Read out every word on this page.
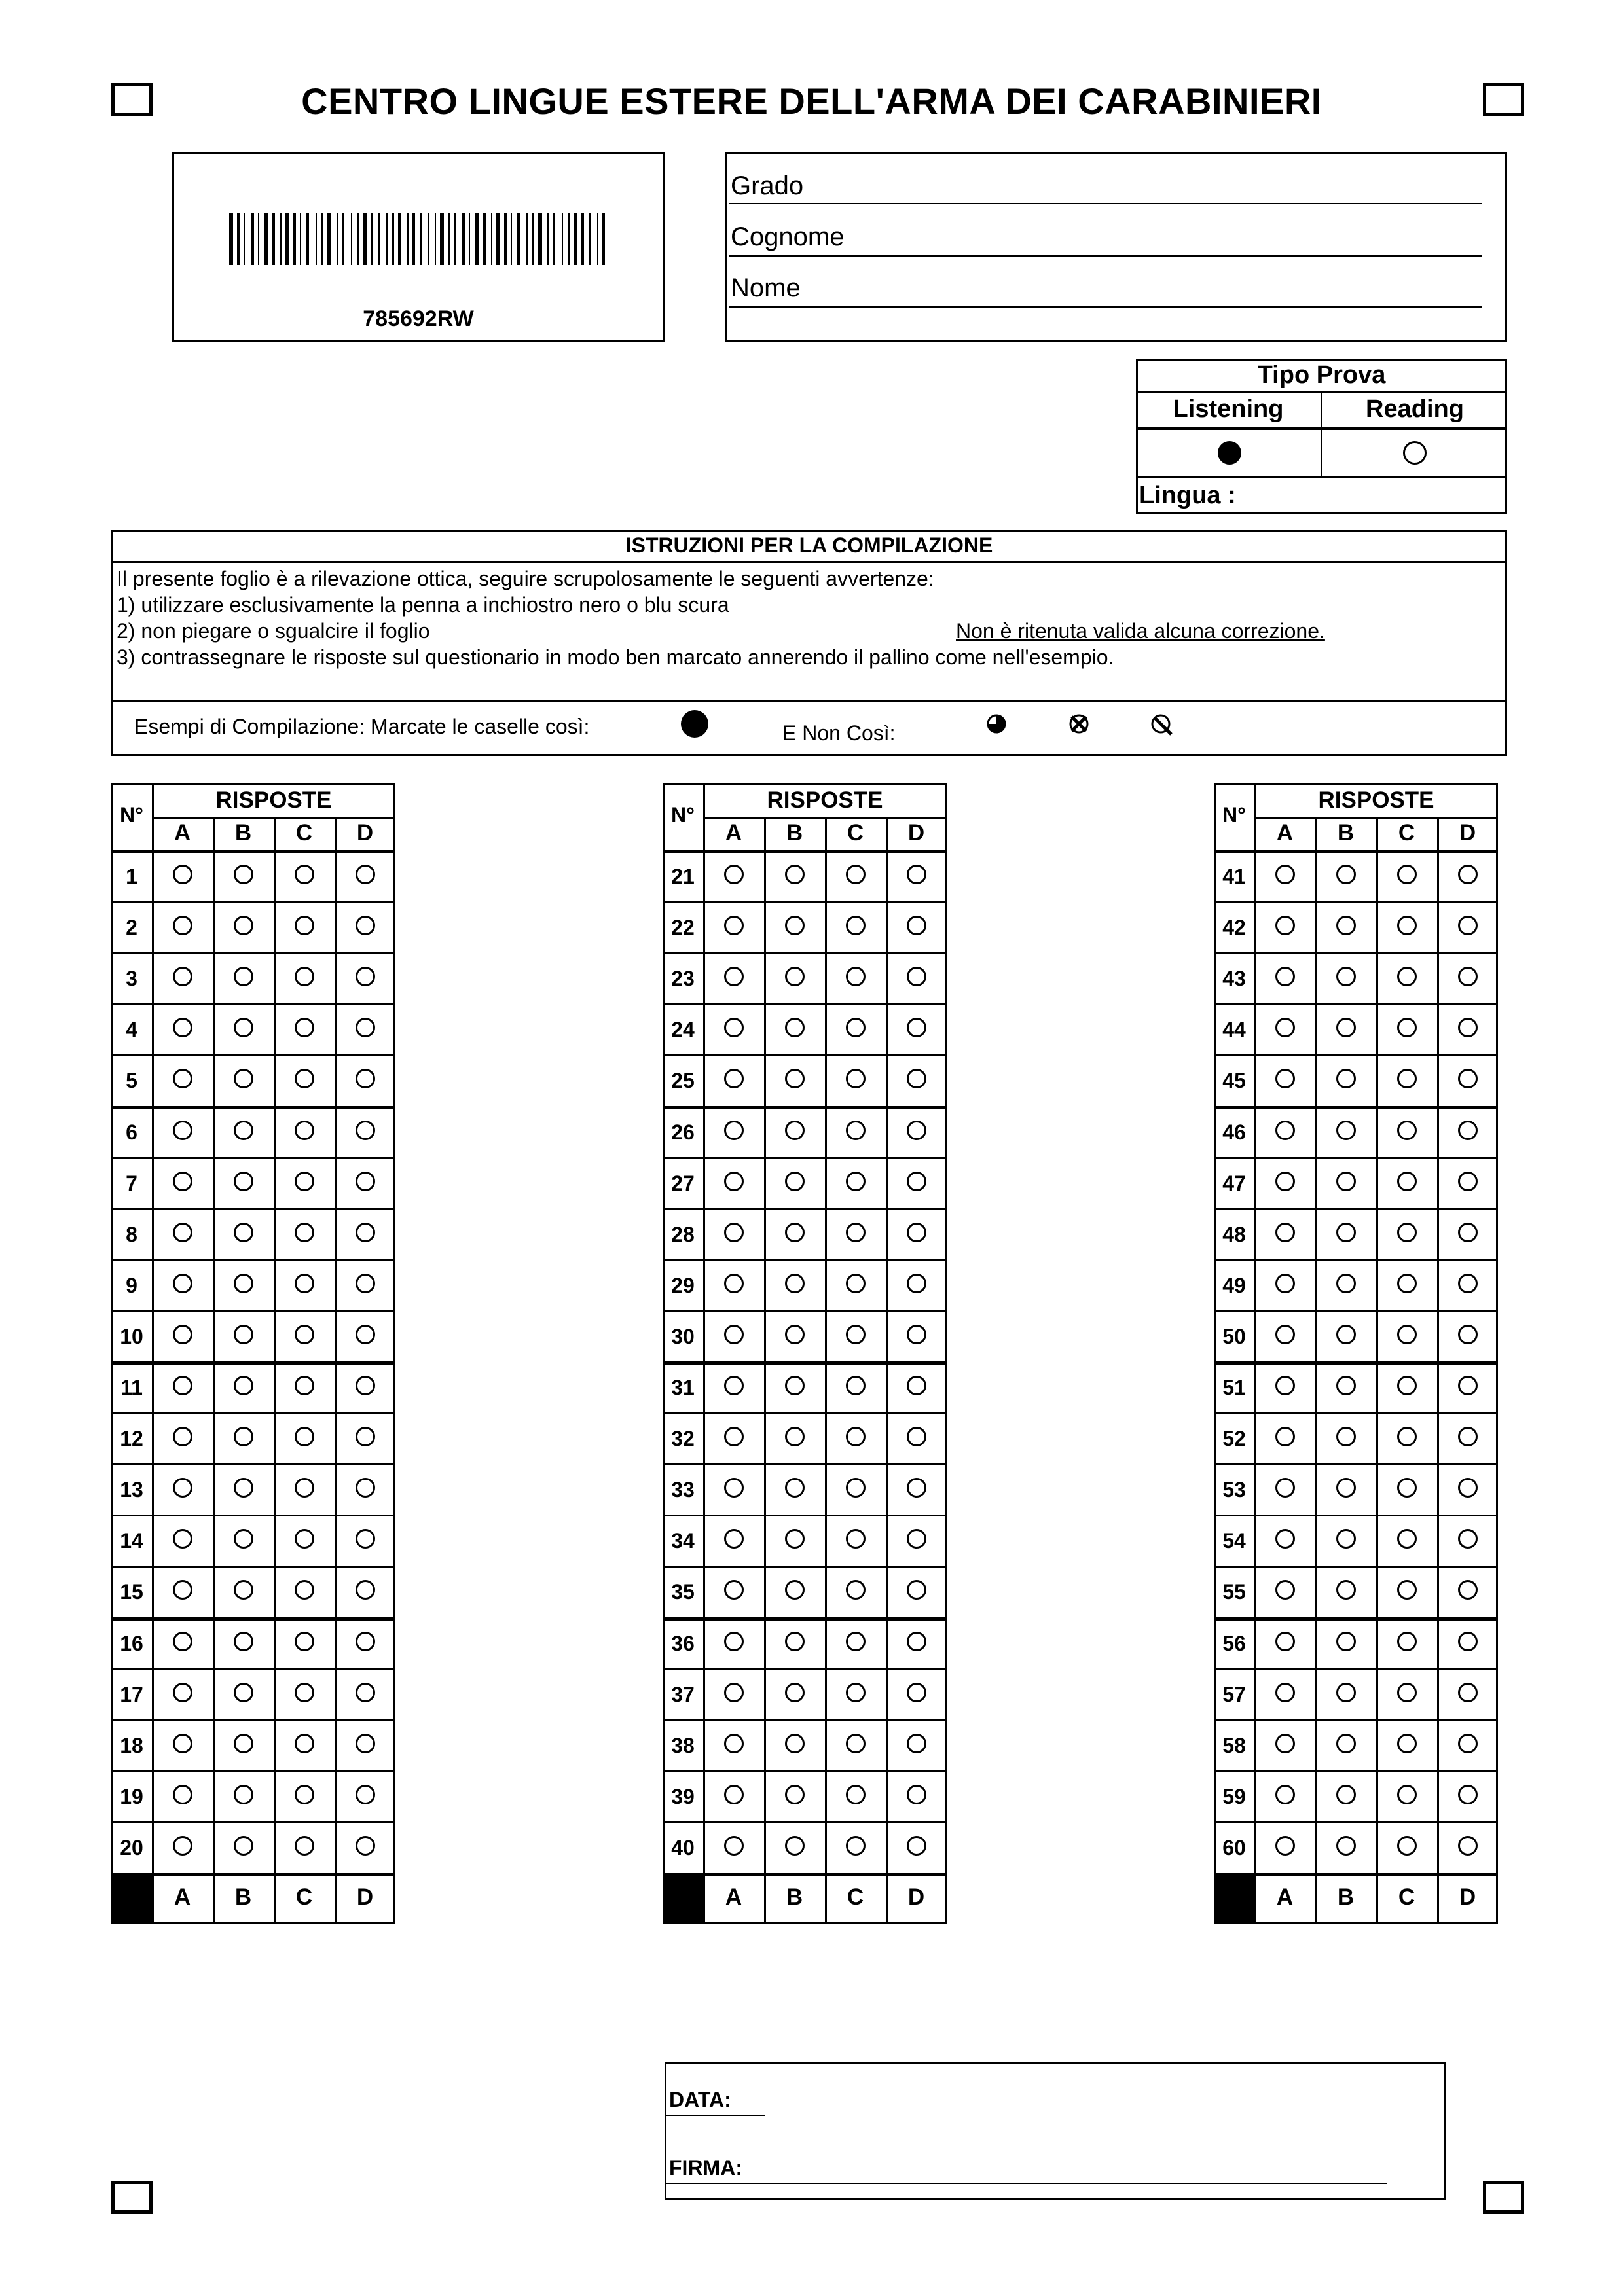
CENTRO LINGUE ESTERE DELL'ARMA DEI CARABINIERI
785692RW
Grado
Cognome
Nome
Tipo Prova
Listening	Reading
Lingua :
ISTRUZIONI PER LA COMPILAZIONE
Il presente foglio è a rilevazione ottica, seguire scrupolosamente le seguenti avvertenze:
1) utilizzare esclusivamente la penna a inchiostro nero o blu scura
2) non piegare o sgualcire il foglio	Non è ritenuta valida alcuna correzione.
3) contrassegnare le risposte sul questionario in modo ben marcato annerendo il pallino come nell'esempio.
Esempi di Compilazione: Marcate le caselle così:	E Non Così:
N°
RISPOSTE
A	B	C	D
1
2
3
4
5
6
7
8
9
10
11
12
13
14
15
16
17
18
19
20
A	B	C	D
N°
RISPOSTE
A	B	C	D
21
22
23
24
25
26
27
28
29
30
31
32
33
34
35
36
37
38
39
40
A	B	C	D
N°
RISPOSTE
A	B	C	D
41
42
43
44
45
46
47
48
49
50
51
52
53
54
55
56
57
58
59
60
A	B	C	D
DATA:
FIRMA:
